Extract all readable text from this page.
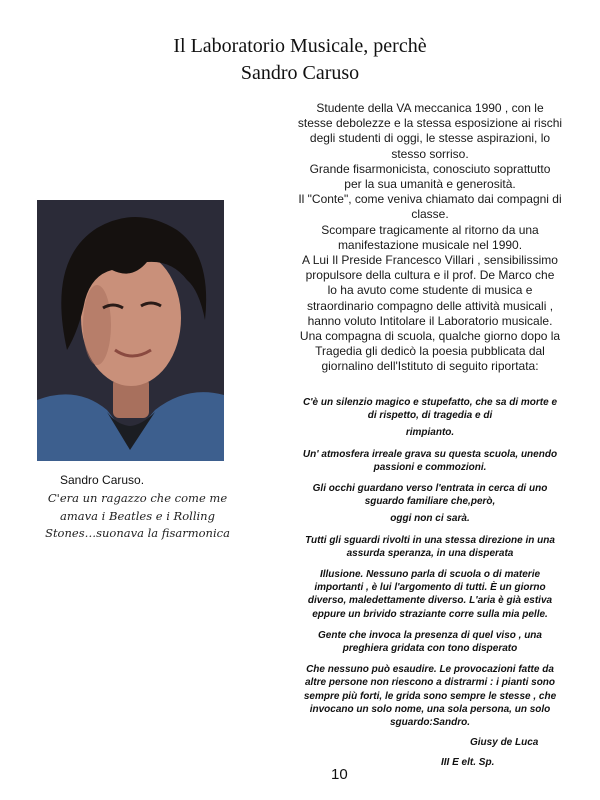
Il Laboratorio Musicale, perchè
Sandro Caruso
Studente della VA meccanica 1990 , con le
stesse debolezze e la stessa esposizione ai rischi
degli studenti di oggi, le stesse aspirazioni, lo
stesso sorriso.
Grande fisarmonicista, conosciuto soprattutto
per la sua umanità e generosità.
Il "Conte", come veniva chiamato dai compagni di
classe.
Scompare tragicamente al ritorno da una
manifestazione musicale nel 1990.
A Lui Il Preside Francesco Villari , sensibilissimo
propulsore della cultura e il prof. De Marco che
lo ha avuto come studente di musica e
straordinario compagno delle attività musicali ,
hanno voluto Intitolare il Laboratorio musicale.
Una compagna di scuola, qualche giorno dopo la
Tragedia gli dedicò la poesia pubblicata dal
giornalino dell'Istituto di seguito riportata:
Sandro Caruso.
C'era un ragazzo che come me amava i Beatles e i Rolling Stones…suonava la fisarmonica
C'è un silenzio magico e stupefatto, che sa di morte e
di rispetto, di tragedia e di
rimpianto.
Un' atmosfera irreale grava su questa scuola, unendo
passioni e commozioni.
Gli occhi guardano verso l'entrata in cerca di uno
sguardo familiare che,però,
oggi non ci sarà.
Tutti gli sguardi rivolti in una stessa direzione in una
assurda speranza, in una disperata
Illusione. Nessuno parla di scuola o di materie
importanti , è lui l'argomento di tutti. È un giorno
diverso, maledettamente diverso. L'aria è già estiva
eppure un brivido straziante corre sulla mia pelle.
Gente che invoca la presenza di quel viso , una
preghiera gridata con tono disperato
Che nessuno può esaudire. Le provocazioni fatte da
altre persone non riescono a distrarmi : i pianti sono
sempre più forti, le grida sono sempre le stesse , che
invocano un solo nome, una sola persona, un solo
sguardo:Sandro.
Giusy de Luca
III E elt. Sp.
10
